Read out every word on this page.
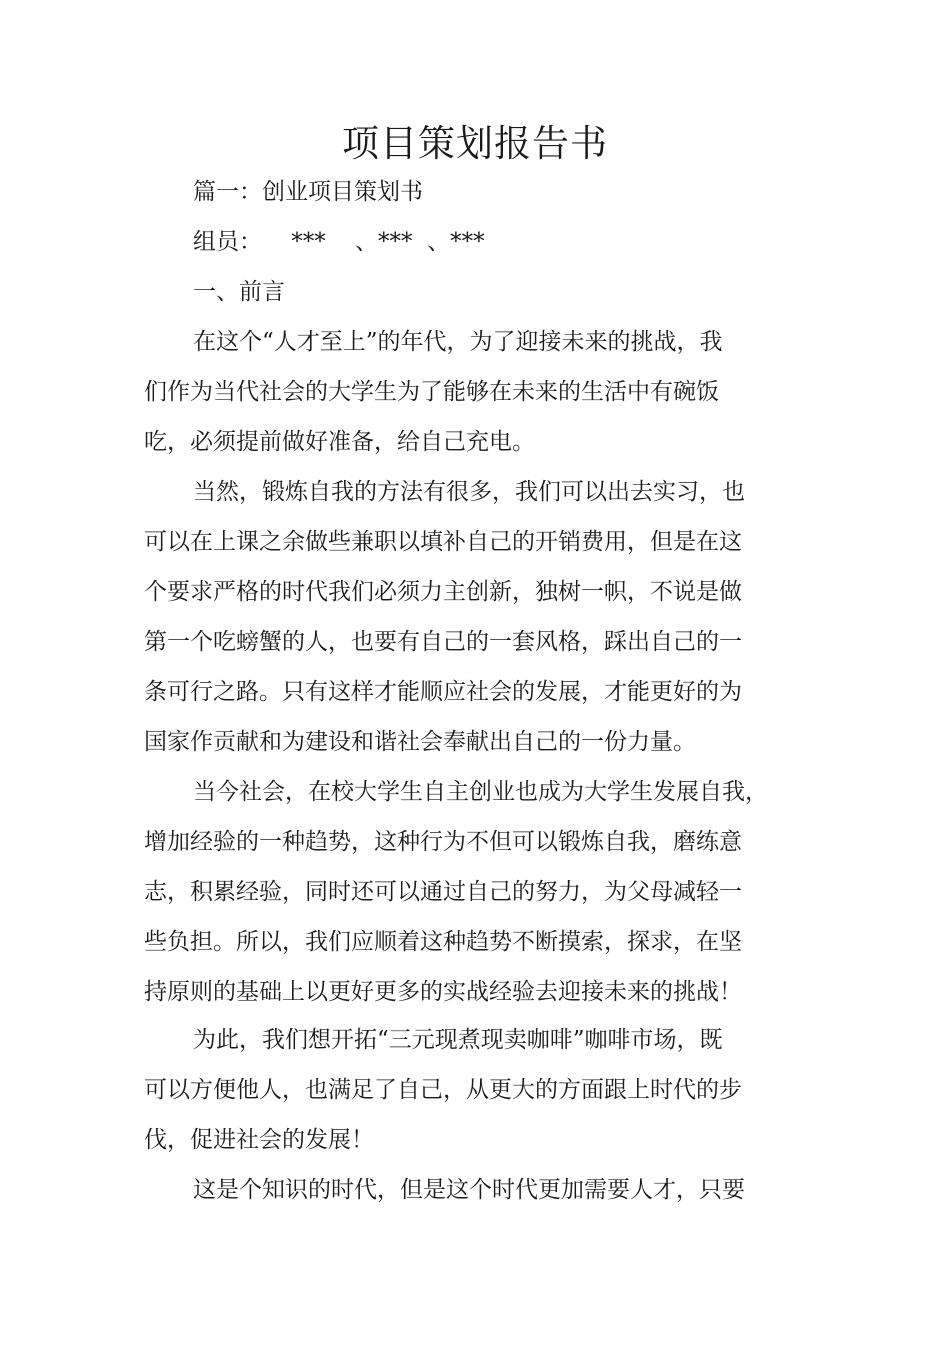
项目策划报告书

篇一：创业项目策划书

组员：    ***    、***  、***

一、前言

在这个“人才至上”的年代，为了迎接未来的挑战，我

们作为当代社会的大学生为了能够在未来的生活中有碗饭

吃，必须提前做好准备，给自己充电。

当然，锻炼自我的方法有很多，我们可以出去实习，也

可以在上课之余做些兼职以填补自己的开销费用，但是在这

个要求严格的时代我们必须力主创新，独树一帜，不说是做

第一个吃螃蟹的人，也要有自己的一套风格，踩出自己的一

条可行之路。只有这样才能顺应社会的发展，才能更好的为

国家作贡献和为建设和谐社会奉献出自己的一份力量。

当今社会，在校大学生自主创业也成为大学生发展自我，

增加经验的一种趋势，这种行为不但可以锻炼自我，磨练意

志，积累经验，同时还可以通过自己的努力，为父母减轻一

些负担。所以，我们应顺着这种趋势不断摸索，探求，在坚

持原则的基础上以更好更多的实战经验去迎接未来的挑战！

为此，我们想开拓“三元现煮现卖咖啡”咖啡市场，既

可以方便他人，也满足了自己，从更大的方面跟上时代的步

伐，促进社会的发展！

这是个知识的时代，但是这个时代更加需要人才，只要
